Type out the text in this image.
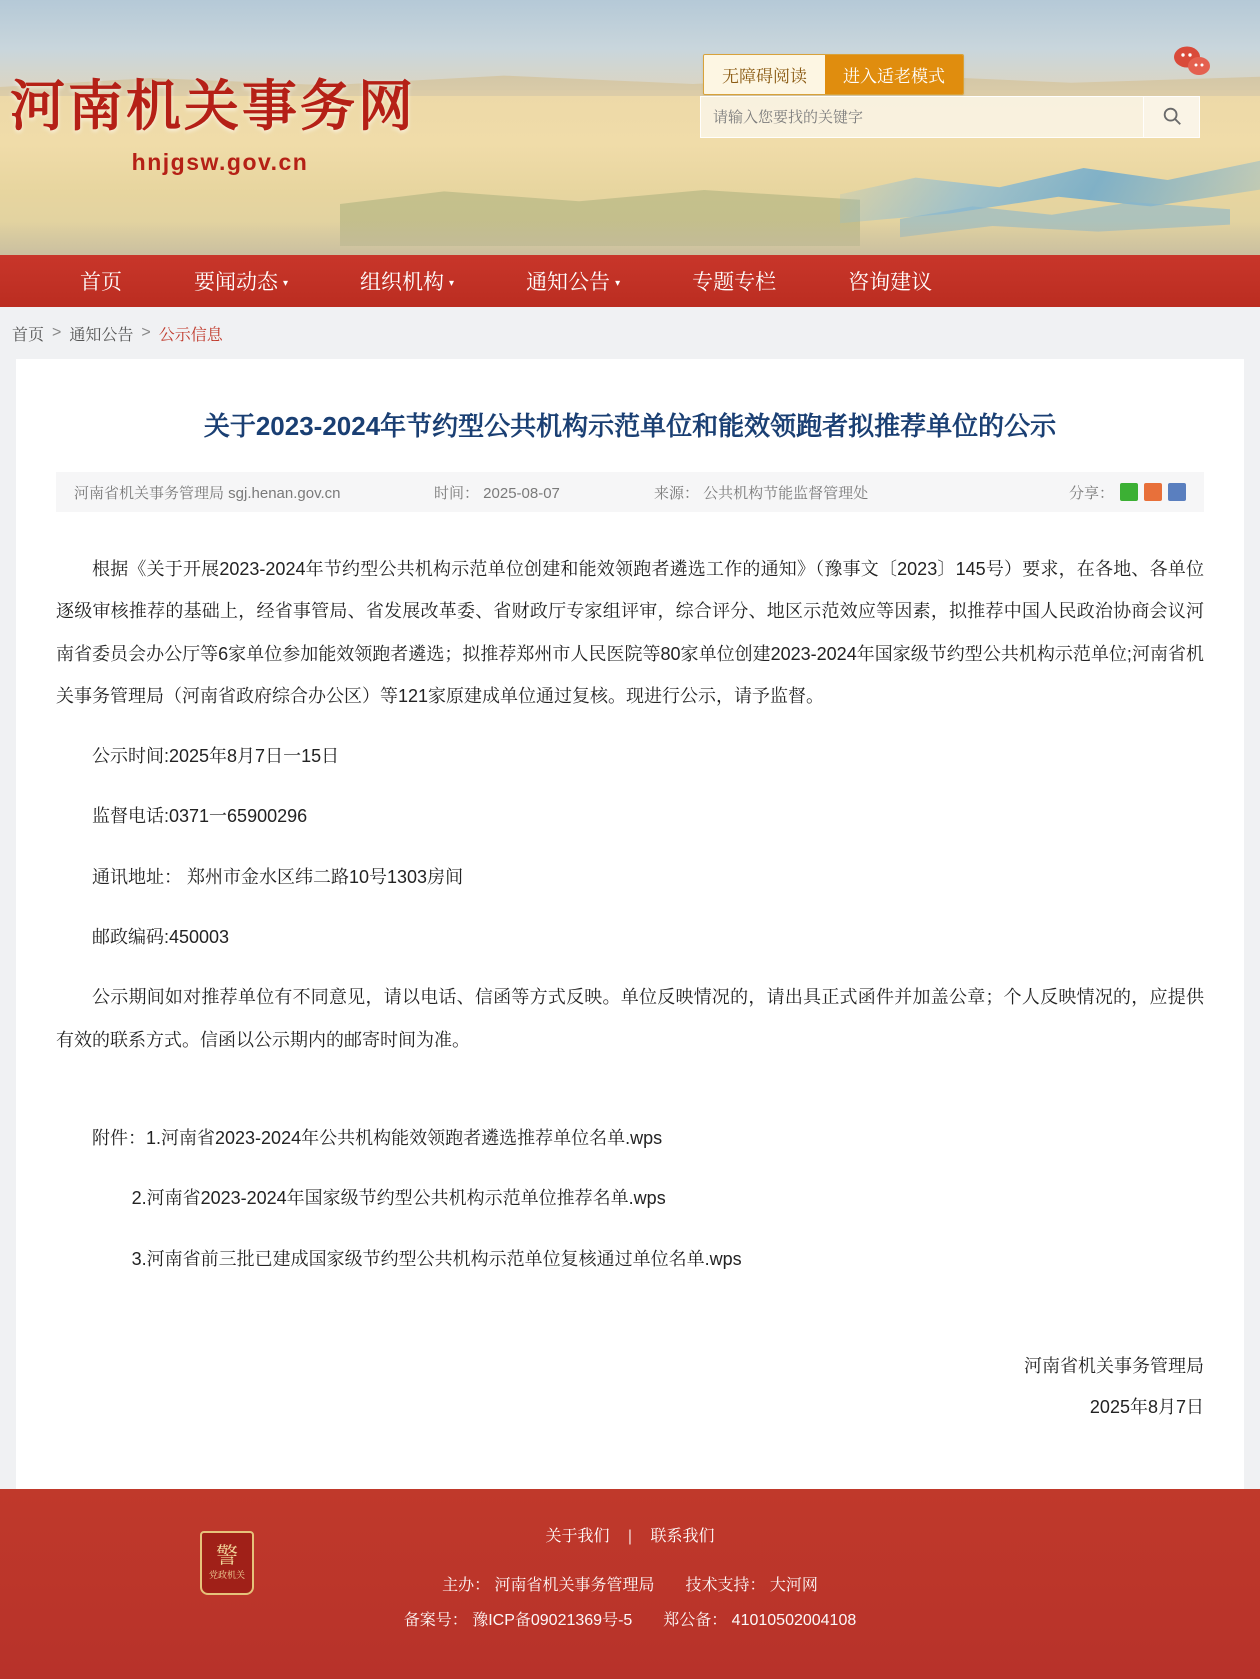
河南机关事务网
hnjgsw.gov.cn
无障碍阅读	进入适老模式
请输入您要找的关键字
首页	要闻动态 ▾	组织机构 ▾	通知公告 ▾	专题专栏	咨询建议
首页 > 通知公告 > 公示信息
关于2023-2024年节约型公共机构示范单位和能效领跑者拟推荐单位的公示
河南省机关事务管理局 sgj.henan.gov.cn	时间： 2025-08-07	来源： 公共机构节能监督管理处	分享：

根据《关于开展2023-2024年节约型公共机构示范单位创建和能效领跑者遴选工作的通知》（豫事文〔2023〕145号）要求，在各地、各单位逐级审核推荐的基础上，经省事管局、省发展改革委、省财政厅专家组评审，综合评分、地区示范效应等因素，拟推荐中国人民政治协商会议河南省委员会办公厅等6家单位参加能效领跑者遴选；拟推荐郑州市人民医院等80家单位创建2023-2024年国家级节约型公共机构示范单位;河南省机关事务管理局（河南省政府综合办公区）等121家原建成单位通过复核。现进行公示，请予监督。

公示时间:2025年8月7日一15日

监督电话:0371一65900296

通讯地址： 郑州市金水区纬二路10号1303房间

邮政编码:450003

公示期间如对推荐单位有不同意见，请以电话、信函等方式反映。单位反映情况的，请出具正式函件并加盖公章；个人反映情况的，应提供有效的联系方式。信函以公示期内的邮寄时间为准。

附件：1.河南省2023-2024年公共机构能效领跑者遴选推荐单位名单.wps

2.河南省2023-2024年国家级节约型公共机构示范单位推荐名单.wps

3.河南省前三批已建成国家级节约型公共机构示范单位复核通过单位名单.wps

河南省机关事务管理局
2025年8月7日
警
党政机关
关于我们 | 联系我们
主办： 河南省机关事务管理局 技术支持： 大河网
备案号： 豫ICP备09021369号-5 郑公备： 41010502004108
